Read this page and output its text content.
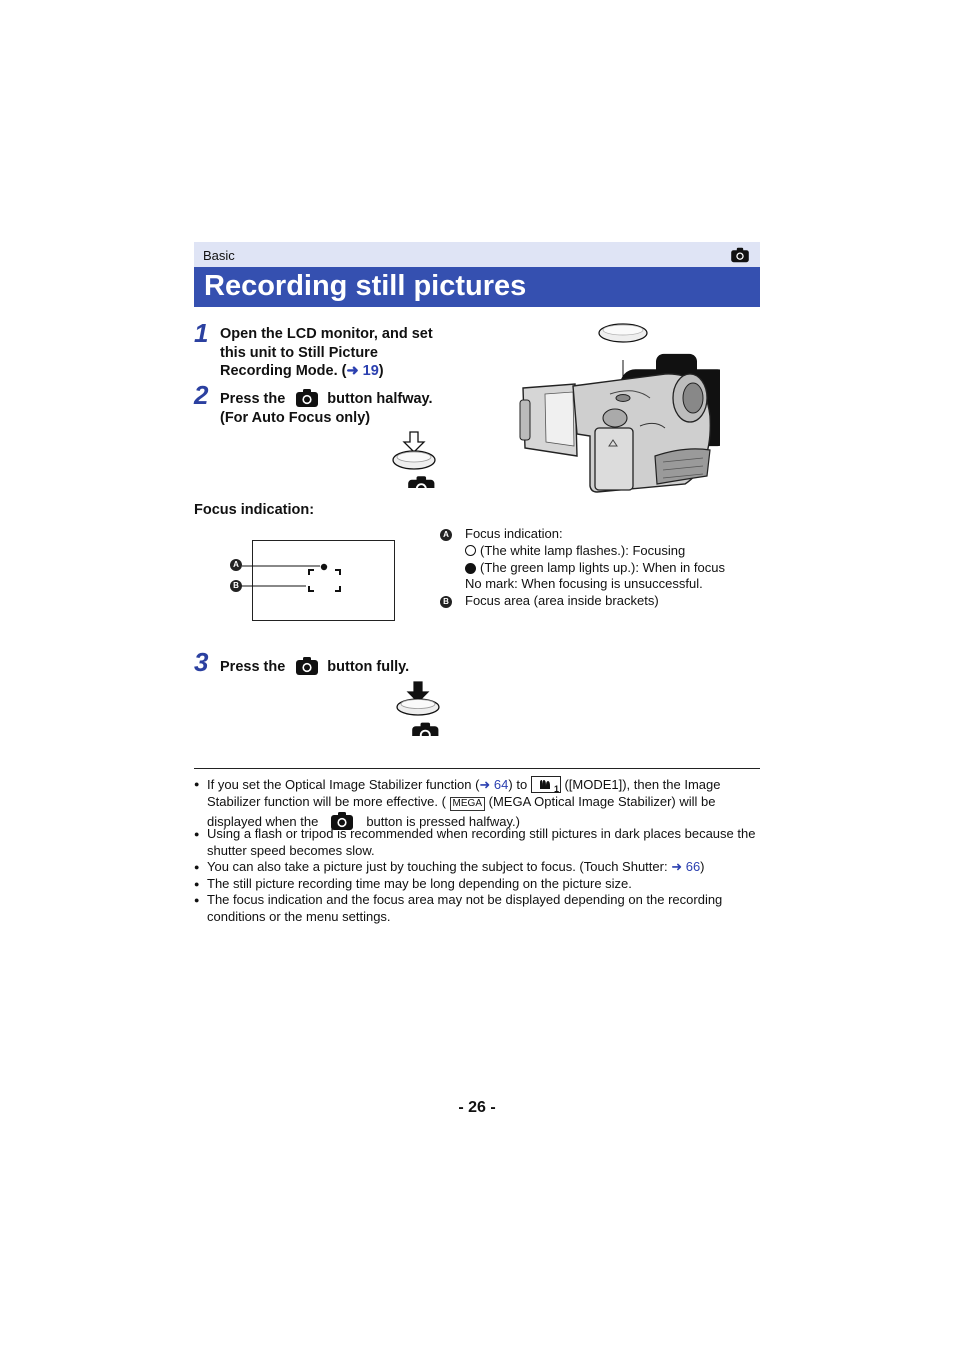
Basic
Recording still pictures
1 Open the LCD monitor, and set this unit to Still Picture Recording Mode. (➜ 19)
2 Press the	button halfway.
(For Auto Focus only)
Focus indication:
A
B
A Focus indication:
(The white lamp flashes.): Focusing
(The green lamp lights up.): When in focus
No mark: When focusing is unsuccessful.
B Focus area (area inside brackets)
3 Press the	button fully.
● If you set the Optical Image Stabilizer function (➜ 64) to	1 ([MODE1]), then the Image Stabilizer function will be more effective. ( MEGA (MEGA Optical Image Stabilizer) will be displayed when the	button is pressed halfway.)
● Using a flash or tripod is recommended when recording still pictures in dark places because the shutter speed becomes slow.
● You can also take a picture just by touching the subject to focus. (Touch Shutter: ➜ 66)
● The still picture recording time may be long depending on the picture size.
● The focus indication and the focus area may not be displayed depending on the recording conditions or the menu settings.
- 26 -
